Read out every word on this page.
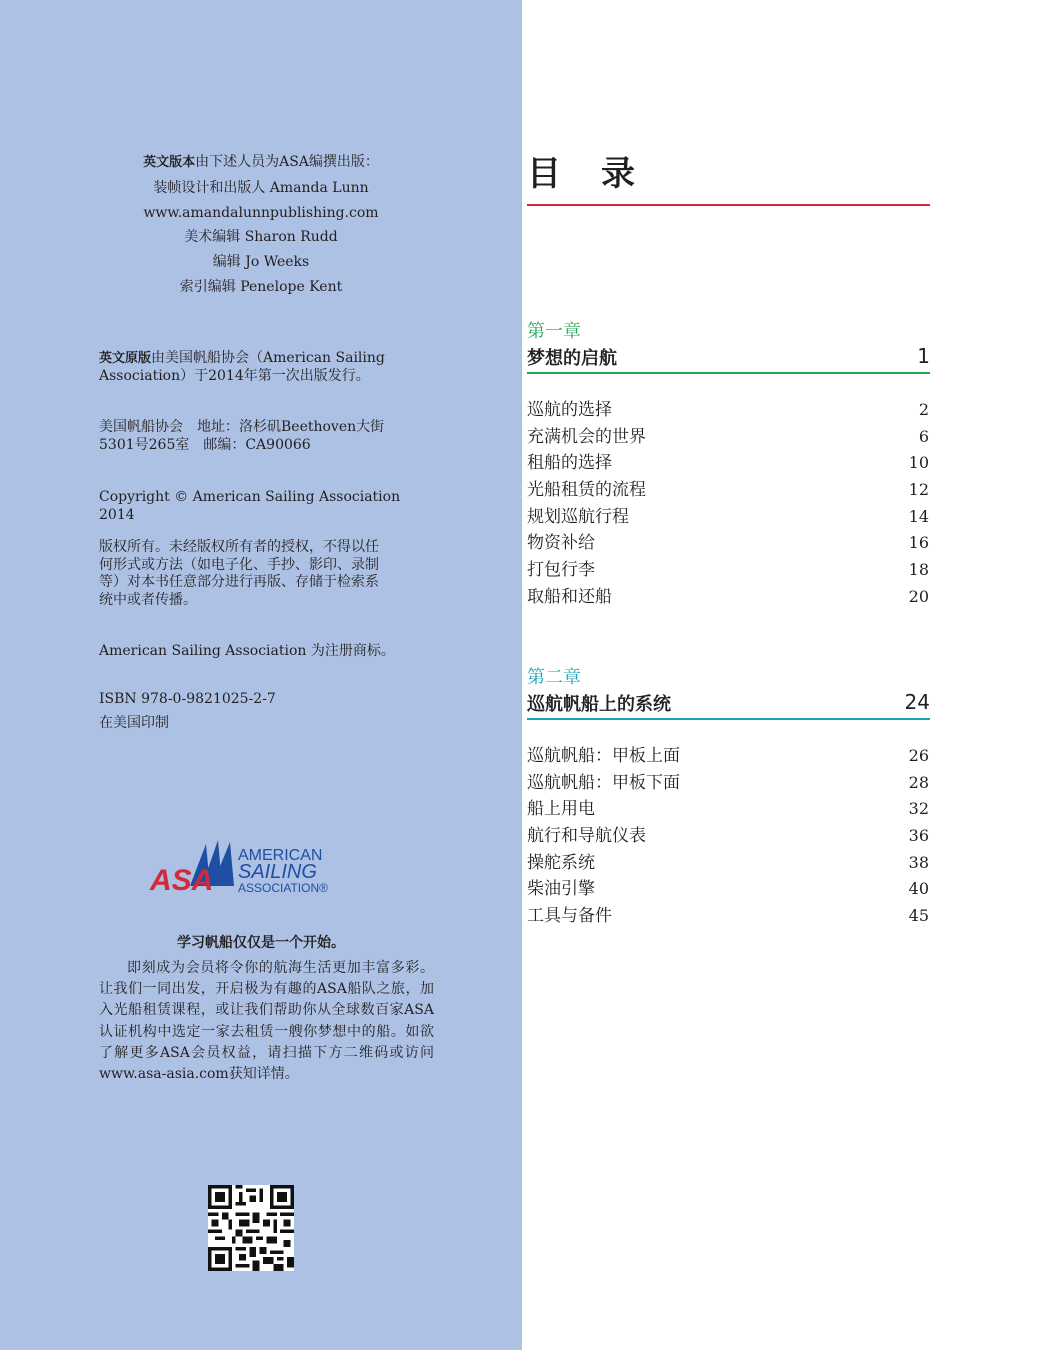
英文版本由下述人员为ASA编撰出版：
装帧设计和出版人 Amanda Lunn
www.amandalunnpublishing.com
美术编辑 Sharon Rudd
编辑 Jo Weeks
索引编辑 Penelope Kent
英文原版由美国帆船协会（American Sailing
Association）于2014年第一次出版发行。
美国帆船协会　地址：洛杉矶Beethoven大街
5301号265室　邮编：CA90066
Copyright © American Sailing Association 2014
版权所有。未经版权所有者的授权，不得以任
何形式或方法（如电子化、手抄、影印、录制
等）对本书任意部分进行再版、存储于检索系
统中或者传播。
American Sailing Association 为注册商标。
ISBN 978-0-9821025-2-7
在美国印制
ASA
AMERICAN
SAILING
ASSOCIATION®
学习帆船仅仅是一个开始。
即刻成为会员将令你的航海生活更加丰富多彩。让我们一同出发，开启极为有趣的ASA船队之旅，加入光船租赁课程，或让我们帮助你从全球数百家ASA认证机构中选定一家去租赁一艘你梦想中的船。如欲了解更多ASA会员权益，请扫描下方二维码或访问www.asa-asia.com获知详情。
目 录
第一章
梦想的启航	1
巡航的选择	2
充满机会的世界	6
租船的选择	10
光船租赁的流程	12
规划巡航行程	14
物资补给	16
打包行李	18
取船和还船	20
第二章
巡航帆船上的系统	24
巡航帆船：甲板上面	26
巡航帆船：甲板下面	28
船上用电	32
航行和导航仪表	36
操舵系统	38
柴油引擎	40
工具与备件	45
